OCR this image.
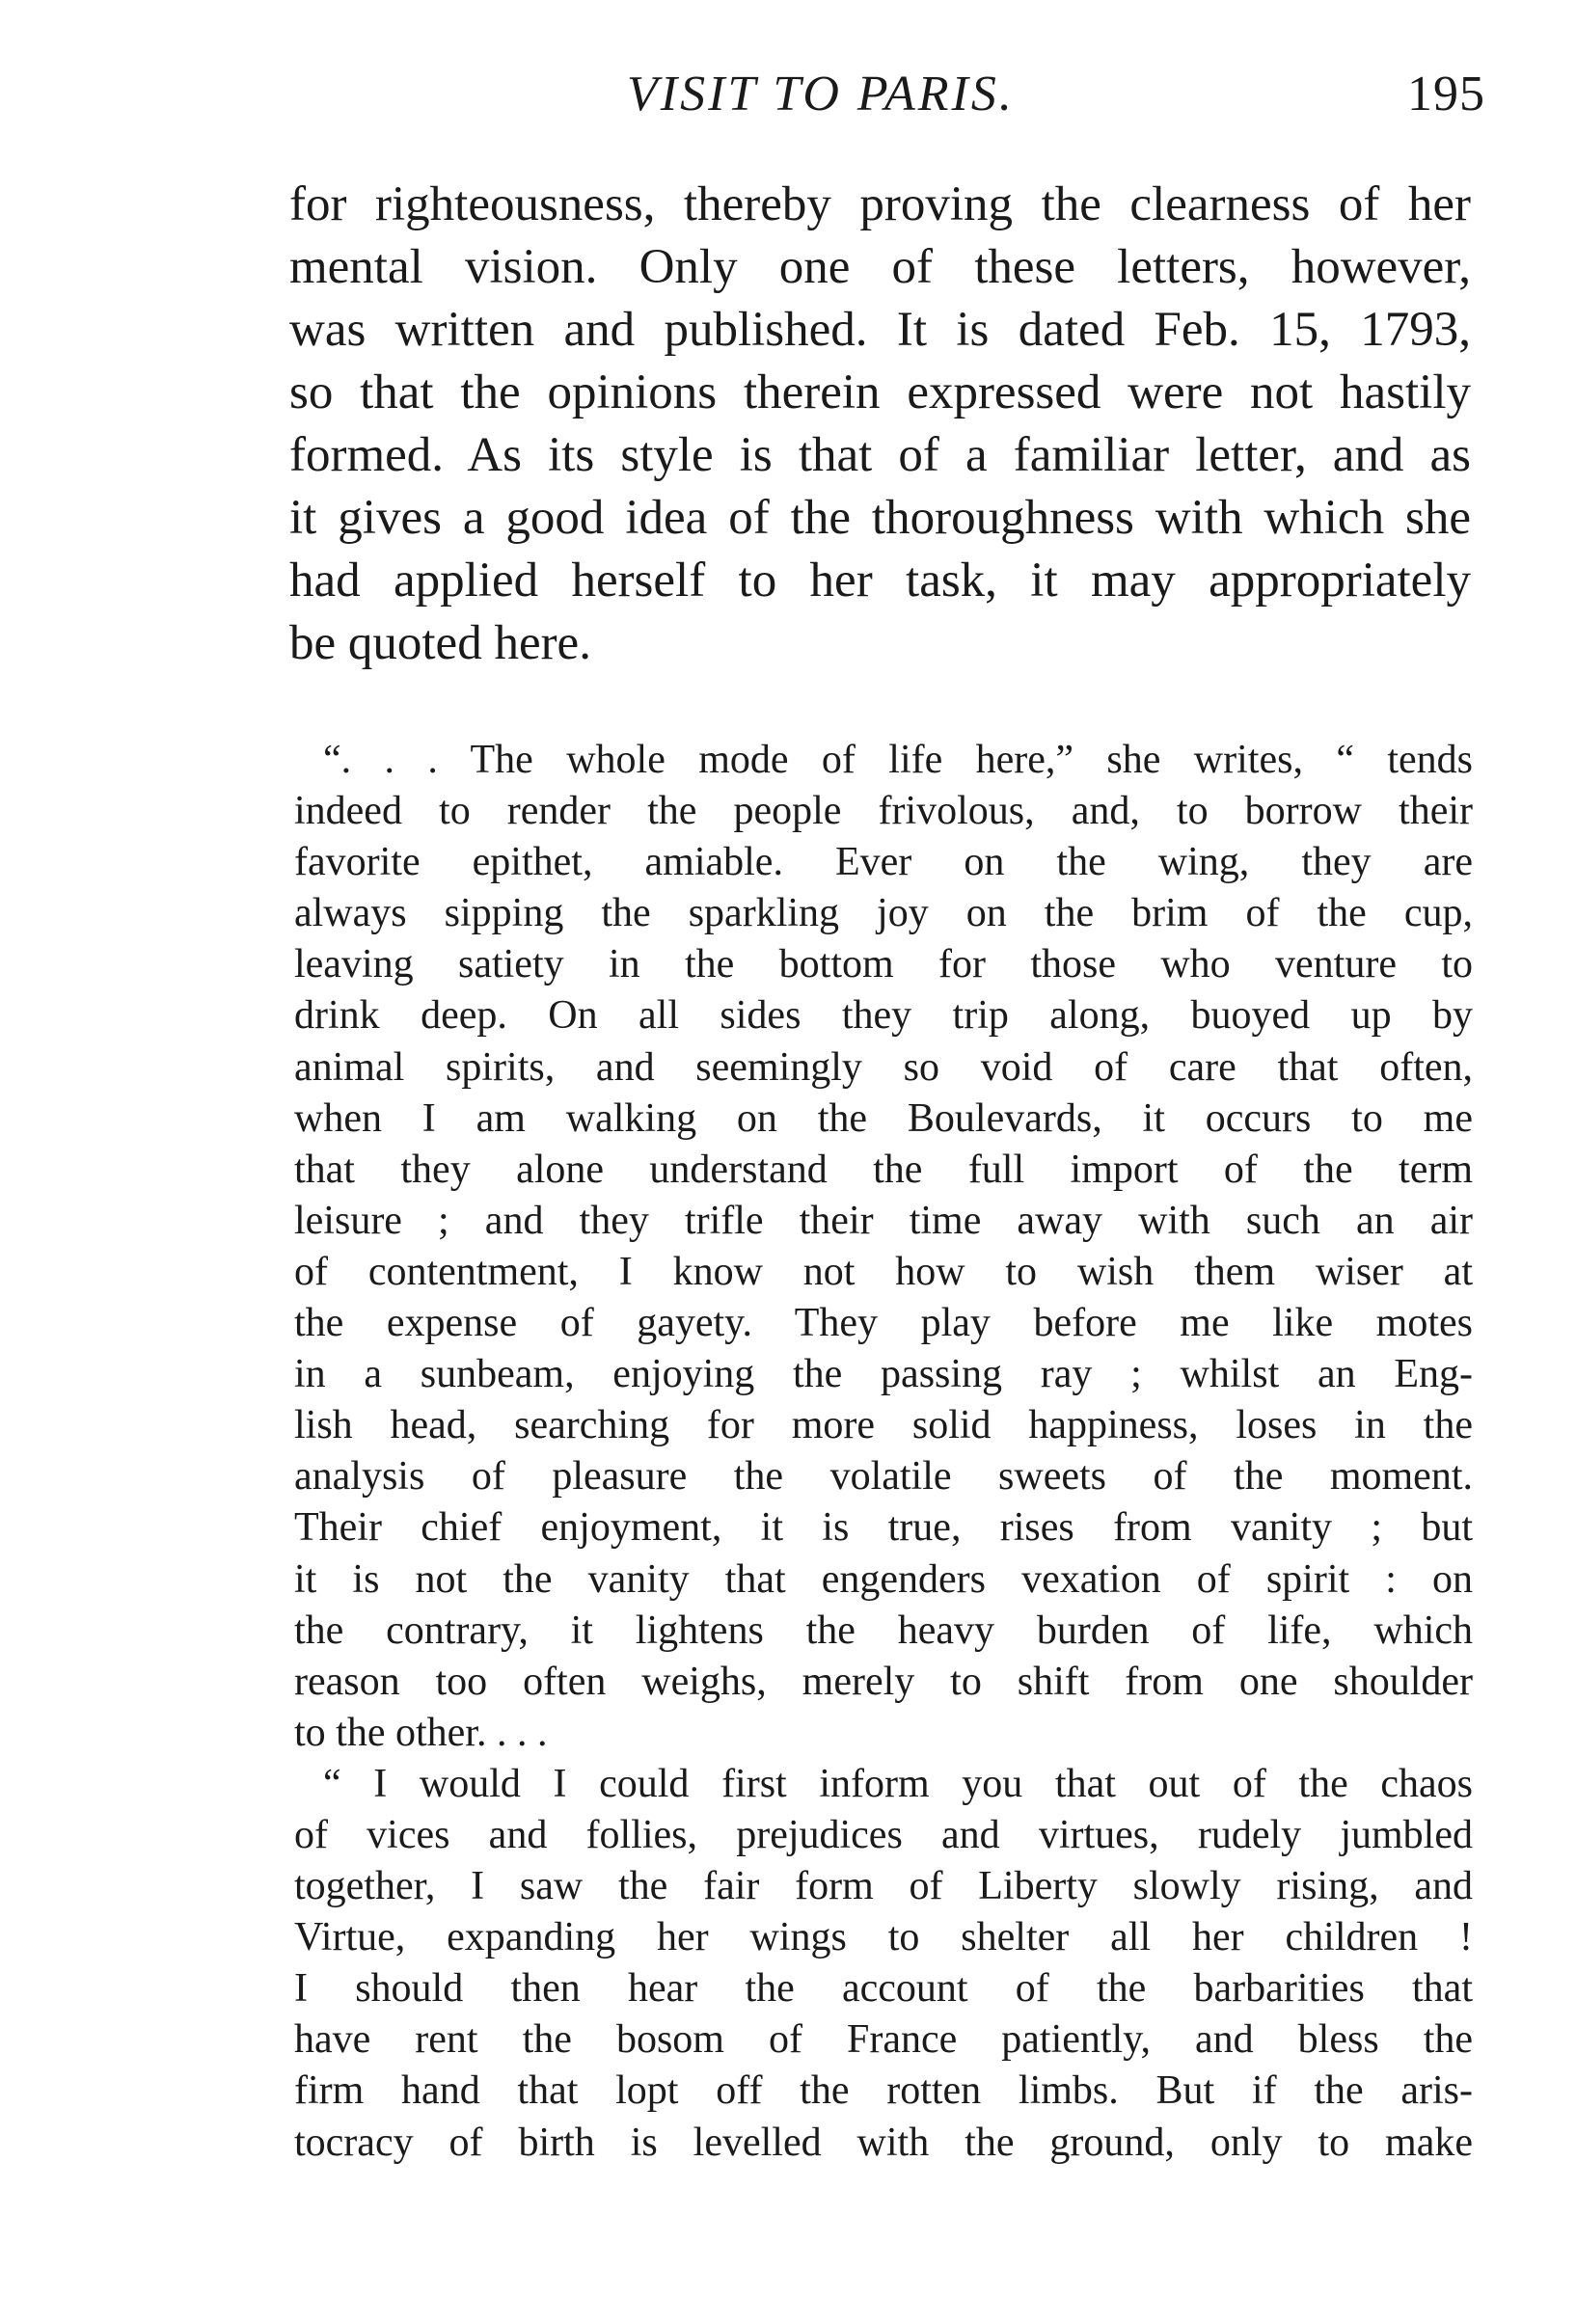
VISIT TO PARIS.	195
for righteousness, thereby proving the clearness of her
mental vision. Only one of these letters, however,
was written and published. It is dated Feb. 15, 1793,
so that the opinions therein expressed were not hastily
formed. As its style is that of a familiar letter, and as
it gives a good idea of the thoroughness with which she
had applied herself to her task, it may appropriately
be quoted here.
“. . . The whole mode of life here,” she writes, “ tends
indeed to render the people frivolous, and, to borrow their
favorite epithet, amiable. Ever on the wing, they are
always sipping the sparkling joy on the brim of the cup,
leaving satiety in the bottom for those who venture to
drink deep. On all sides they trip along, buoyed up by
animal spirits, and seemingly so void of care that often,
when I am walking on the Boulevards, it occurs to me
that they alone understand the full import of the term
leisure ; and they trifle their time away with such an air
of contentment, I know not how to wish them wiser at
the expense of gayety. They play before me like motes
in a sunbeam, enjoying the passing ray ; whilst an Eng-
lish head, searching for more solid happiness, loses in the
analysis of pleasure the volatile sweets of the moment.
Their chief enjoyment, it is true, rises from vanity ; but
it is not the vanity that engenders vexation of spirit : on
the contrary, it lightens the heavy burden of life, which
reason too often weighs, merely to shift from one shoulder
to the other. . . .
“ I would I could first inform you that out of the chaos
of vices and follies, prejudices and virtues, rudely jumbled
together, I saw the fair form of Liberty slowly rising, and
Virtue, expanding her wings to shelter all her children !
I should then hear the account of the barbarities that
have rent the bosom of France patiently, and bless the
firm hand that lopt off the rotten limbs. But if the aris-
tocracy of birth is levelled with the ground, only to make
